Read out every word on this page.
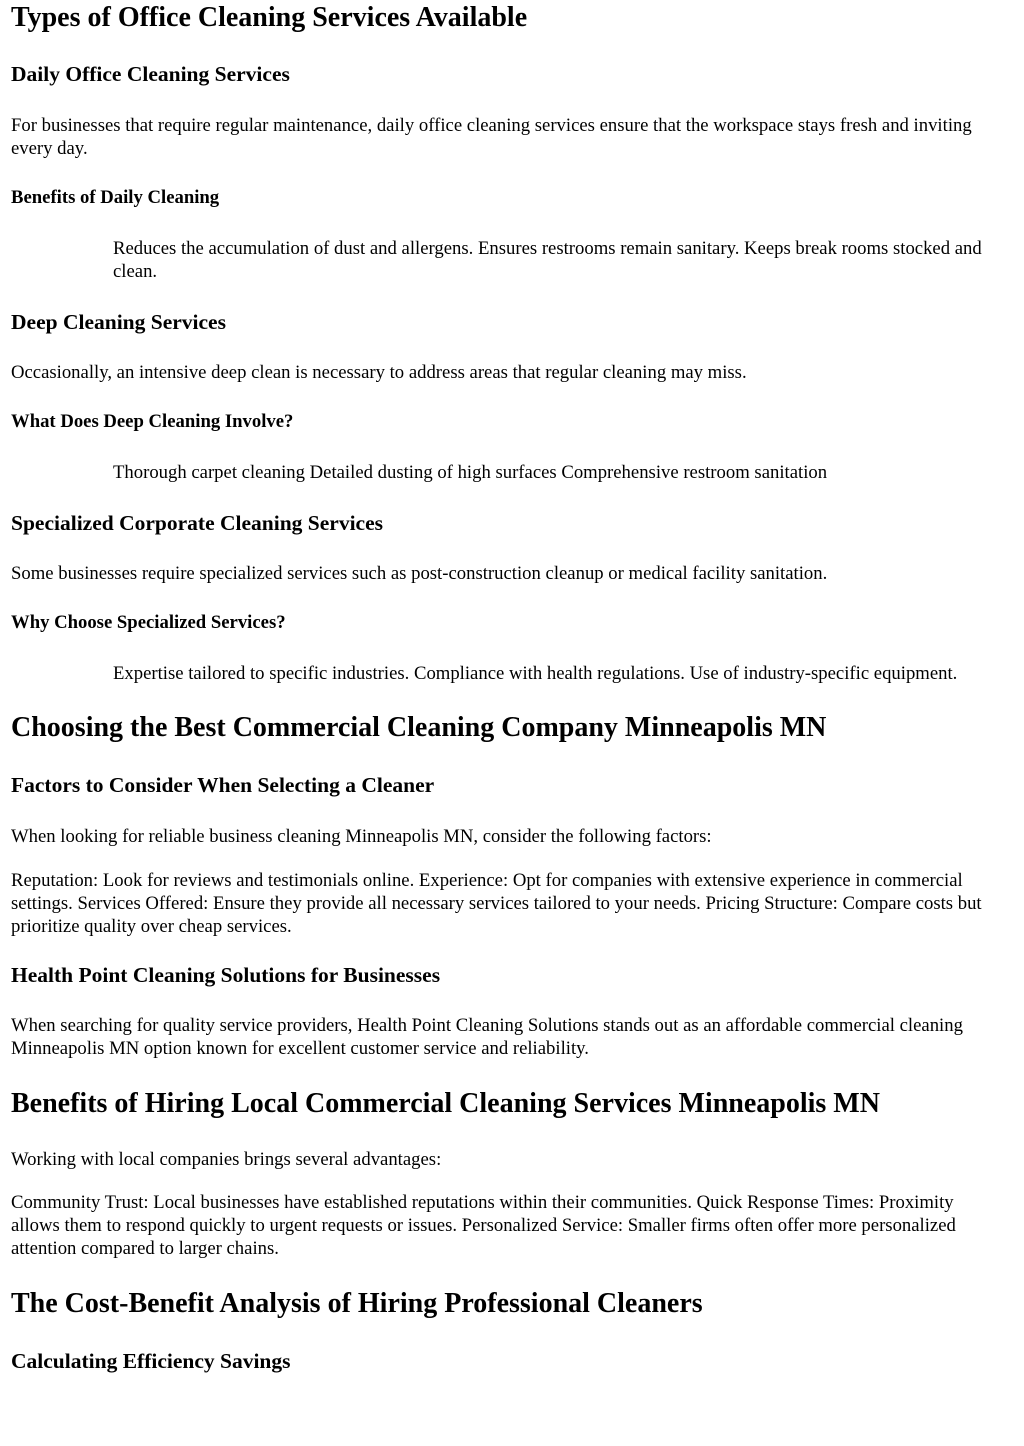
Types of Office Cleaning Services Available
Daily Office Cleaning Services

For businesses that require regular maintenance, daily office cleaning services ensure that the workspace stays fresh and inviting every day.

Benefits of Daily Cleaning
Reduces the accumulation of dust and allergens. Ensures restrooms remain sanitary. Keeps break rooms stocked and clean.
Deep Cleaning Services

Occasionally, an intensive deep clean is necessary to address areas that regular cleaning may miss.

What Does Deep Cleaning Involve?
Thorough carpet cleaning Detailed dusting of high surfaces Comprehensive restroom sanitation
Specialized Corporate Cleaning Services

Some businesses require specialized services such as post-construction cleanup or medical facility sanitation.

Why Choose Specialized Services?
Expertise tailored to specific industries. Compliance with health regulations. Use of industry-specific equipment.
Choosing the Best Commercial Cleaning Company Minneapolis MN
Factors to Consider When Selecting a Cleaner

When looking for reliable business cleaning Minneapolis MN, consider the following factors:

Reputation: Look for reviews and testimonials online. Experience: Opt for companies with extensive experience in commercial settings. Services Offered: Ensure they provide all necessary services tailored to your needs. Pricing Structure: Compare costs but prioritize quality over cheap services.

Health Point Cleaning Solutions for Businesses

When searching for quality service providers, Health Point Cleaning Solutions stands out as an affordable commercial cleaning Minneapolis MN option known for excellent customer service and reliability.

Benefits of Hiring Local Commercial Cleaning Services Minneapolis MN

Working with local companies brings several advantages:

Community Trust: Local businesses have established reputations within their communities. Quick Response Times: Proximity allows them to respond quickly to urgent requests or issues. Personalized Service: Smaller firms often offer more personalized attention compared to larger chains.

The Cost-Benefit Analysis of Hiring Professional Cleaners
Calculating Efficiency Savings
